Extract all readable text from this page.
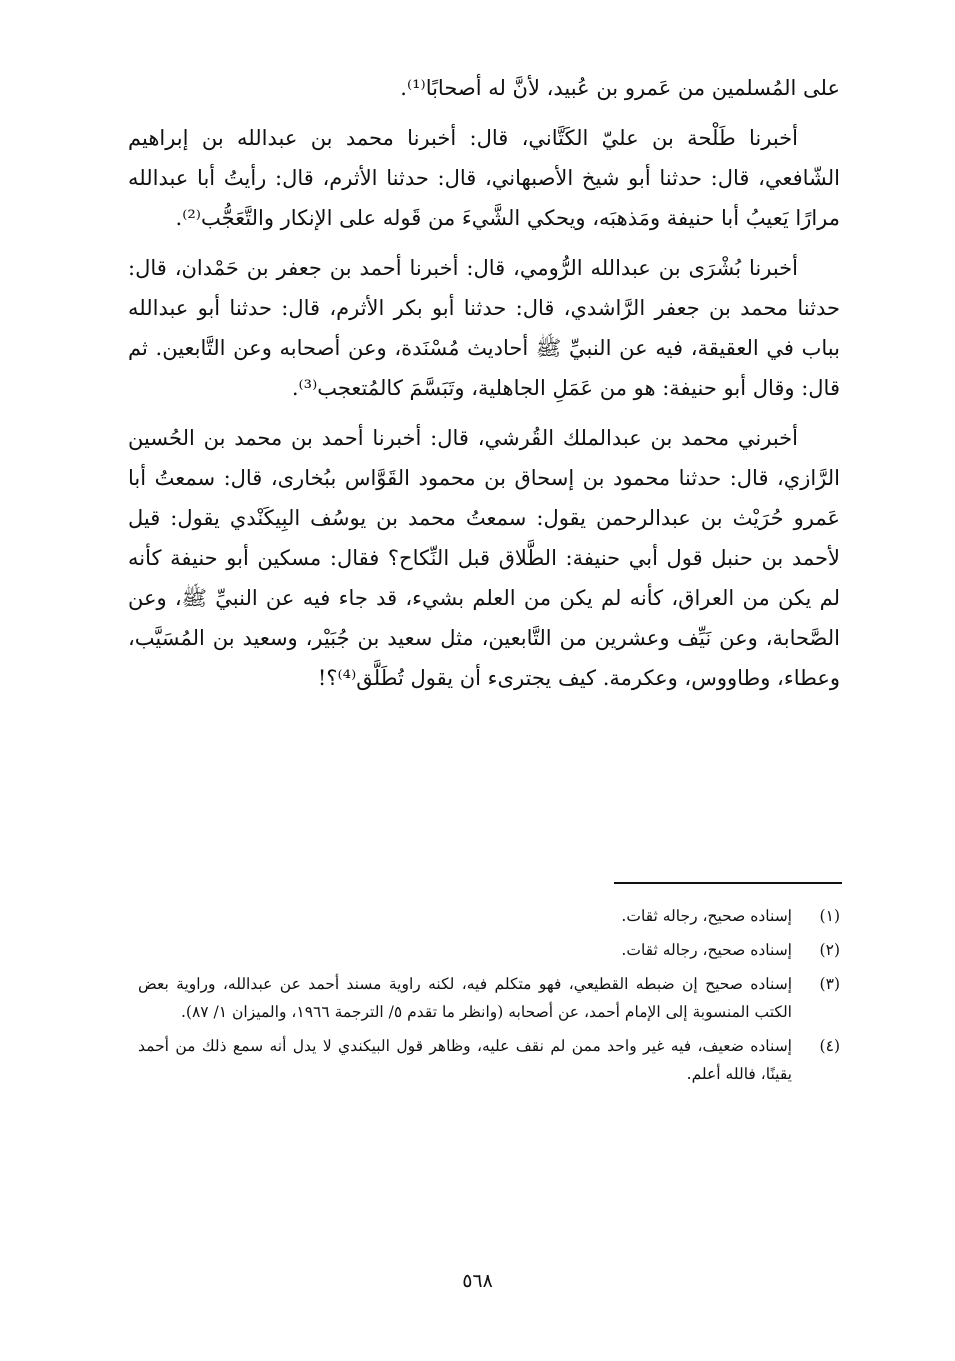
على المُسلمين من عَمرو بن عُبيد، لأنَّ له أصحابًا⁽¹⁾.

أخبرنا طَلْحة بن عليّ الكَتَّاني، قال: أخبرنا محمد بن عبدالله بن إبراهيم الشّافعي، قال: حدثنا أبو شيخ الأصبهاني، قال: حدثنا الأثرم، قال: رأيتُ أبا عبدالله مرارًا يَعيبُ أبا حنيفة ومَذهبَه، ويحكي الشَّيءَ من قَوله على الإنكار والتَّعَجُّب⁽²⁾.

أخبرنا بُشْرَى بن عبدالله الرُّومي، قال: أخبرنا أحمد بن جعفر بن حَمْدان، قال: حدثنا محمد بن جعفر الرَّاشدي، قال: حدثنا أبو بكر الأثرم، قال: حدثنا أبو عبدالله بباب في العقيقة، فيه عن النبيِّ ﷺ أحاديث مُسْنَدة، وعن أصحابه وعن التَّابعين. ثم قال: وقال أبو حنيفة: هو من عَمَلِ الجاهلية، وتَبَسَّمَ كالمُتعجب⁽³⁾.

أخبرني محمد بن عبدالملك القُرشي، قال: أخبرنا أحمد بن محمد بن الحُسين الرَّازي، قال: حدثنا محمود بن إسحاق بن محمود القَوَّاس ببُخارى، قال: سمعتُ أبا عَمرو حُرَيْث بن عبدالرحمن يقول: سمعتُ محمد بن يوسُف البِيكَنْدي يقول: قيل لأحمد بن حنبل قول أبي حنيفة: الطَّلاق قبل النِّكاح؟ فقال: مسكين أبو حنيفة كأنه لم يكن من العراق، كأنه لم يكن من العلم بشيء، قد جاء فيه عن النبيِّ ﷺ، وعن الصَّحابة، وعن نَيِّف وعشرين من التَّابعين، مثل سعيد بن جُبَيْر، وسعيد بن المُسَيَّب، وعطاء، وطاووس، وعكرمة. كيف يجترىء أن يقول تُطَلَّق⁽⁴⁾؟!

(١)
إسناده صحيح، رجاله ثقات.
(٢)
إسناده صحيح، رجاله ثقات.
(٣)
إسناده صحيح إن ضبطه القطيعي، فهو متكلم فيه، لكنه راوية مسند أحمد عن عبدالله، وراوية بعض الكتب المنسوبة إلى الإمام أحمد، عن أصحابه (وانظر ما تقدم ٥/ الترجمة ١٩٦٦، والميزان ١/ ٨٧).
(٤)
إسناده ضعيف، فيه غير واحد ممن لم نقف عليه، وظاهر قول البيكندي لا يدل أنه سمع ذلك من أحمد يقينًا، فالله أعلم.
٥٦٨
